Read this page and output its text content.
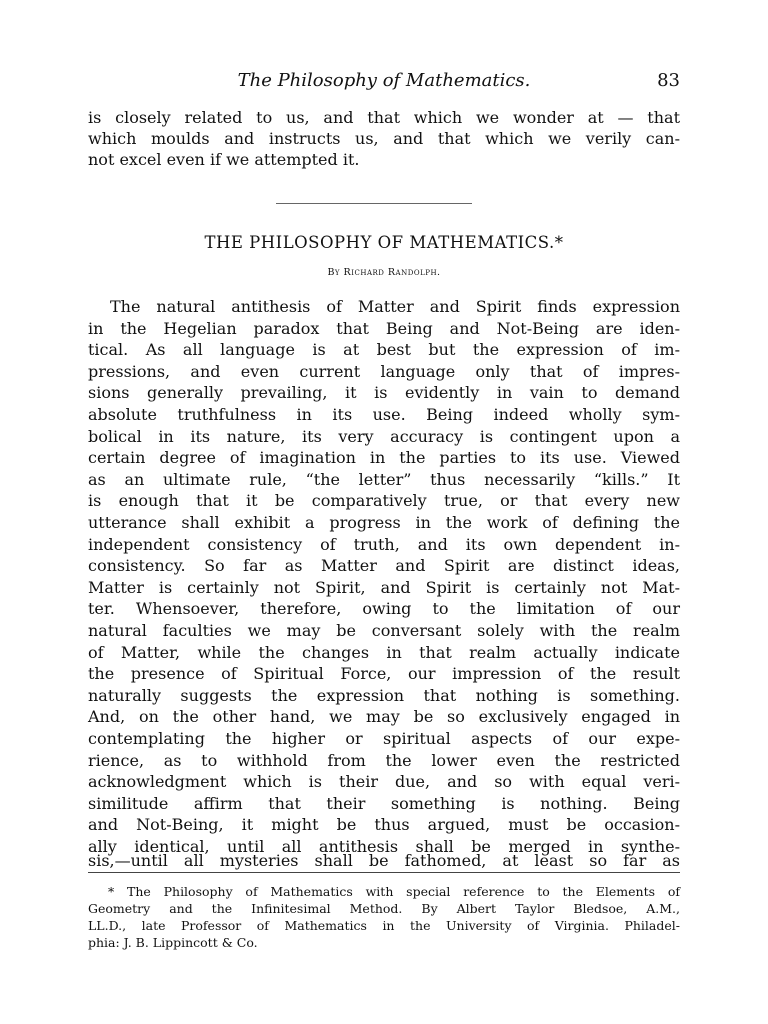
The Philosophy of Mathematics.	83
is closely related to us, and that which we wonder at — that
which moulds and instructs us, and that which we verily can-
not excel even if we attempted it.
THE PHILOSOPHY OF MATHEMATICS.*
By Richard Randolph.
The natural antithesis of Matter and Spirit finds expression
in the Hegelian paradox that Being and Not-Being are iden-
tical. As all language is at best but the expression of im-
pressions, and even current language only that of impres-
sions generally prevailing, it is evidently in vain to demand
absolute truthfulness in its use. Being indeed wholly sym-
bolical in its nature, its very accuracy is contingent upon a
certain degree of imagination in the parties to its use. Viewed
as an ultimate rule, “the letter” thus necessarily “kills.” It
is enough that it be comparatively true, or that every new
utterance shall exhibit a progress in the work of defining the
independent consistency of truth, and its own dependent in-
consistency. So far as Matter and Spirit are distinct ideas,
Matter is certainly not Spirit, and Spirit is certainly not Mat-
ter. Whensoever, therefore, owing to the limitation of our
natural faculties we may be conversant solely with the realm
of Matter, while the changes in that realm actually indicate
the presence of Spiritual Force, our impression of the result
naturally suggests the expression that nothing is something.
And, on the other hand, we may be so exclusively engaged in
contemplating the higher or spiritual aspects of our expe-
rience, as to withhold from the lower even the restricted
acknowledgment which is their due, and so with equal veri-
similitude affirm that their something is nothing. Being
and Not-Being, it might be thus argued, must be occasion-
ally identical, until all antithesis shall be merged in synthe-
sis,—until all mysteries shall be fathomed, at least so far as
* The Philosophy of Mathematics with special reference to the Elements of
Geometry and the Infinitesimal Method. By Albert Taylor Bledsoe, A.M.,
LL.D., late Professor of Mathematics in the University of Virginia. Philadel-
phia: J. B. Lippincott & Co.
